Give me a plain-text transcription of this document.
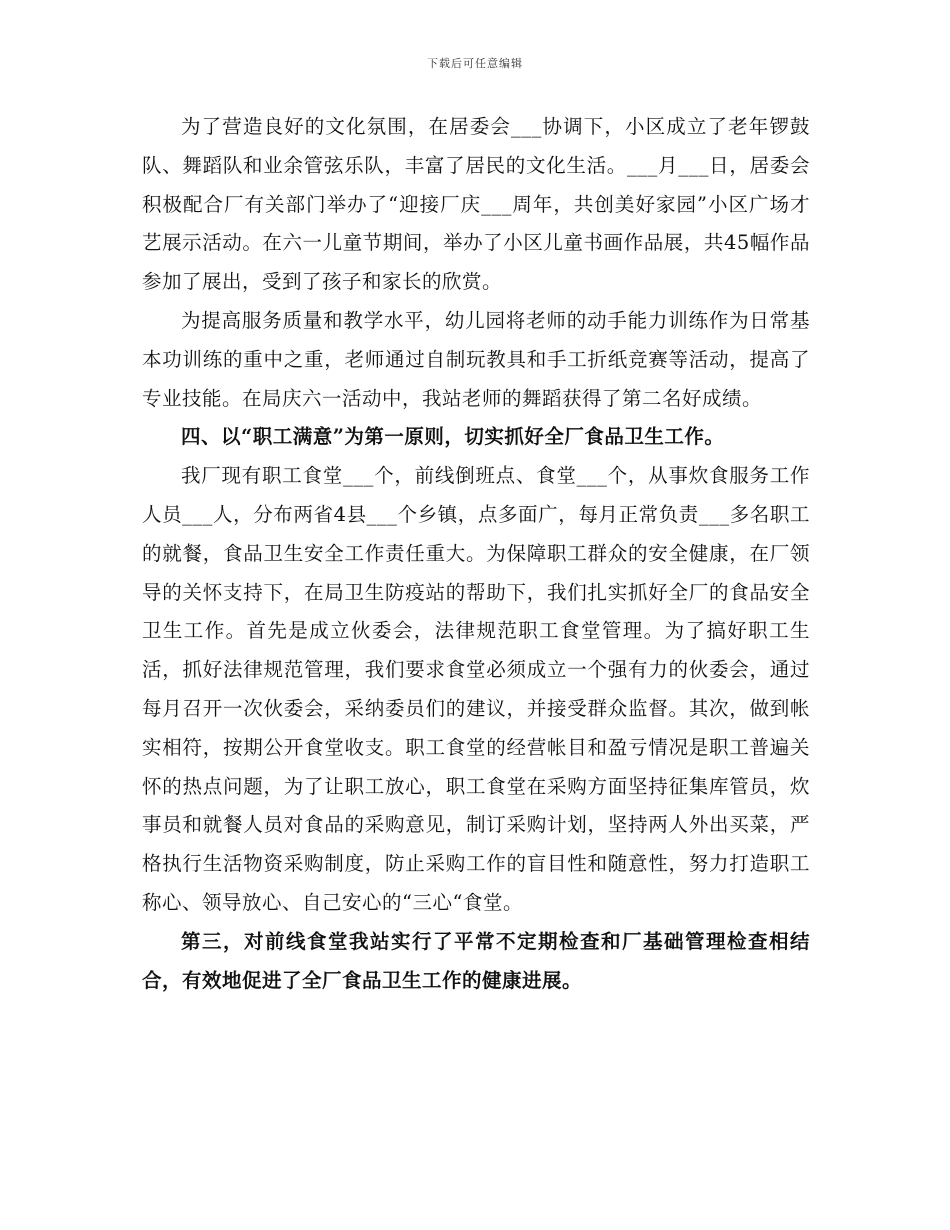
下载后可任意编辑

为了营造良好的文化氛围，在居委会___协调下，小区成立了老年锣鼓队、舞蹈队和业余管弦乐队，丰富了居民的文化生活。___月___日，居委会积极配合厂有关部门举办了“迎接厂庆___周年，共创美好家园”小区广场才艺展示活动。在六一儿童节期间，举办了小区儿童书画作品展，共45幅作品参加了展出，受到了孩子和家长的欣赏。

为提高服务质量和教学水平，幼儿园将老师的动手能力训练作为日常基本功训练的重中之重，老师通过自制玩教具和手工折纸竞赛等活动，提高了专业技能。在局庆六一活动中，我站老师的舞蹈获得了第二名好成绩。

四、以“职工满意”为第一原则，切实抓好全厂食品卫生工作。

我厂现有职工食堂___个，前线倒班点、食堂___个，从事炊食服务工作人员___人，分布两省4县___个乡镇，点多面广，每月正常负责___多名职工的就餐，食品卫生安全工作责任重大。为保障职工群众的安全健康，在厂领导的关怀支持下，在局卫生防疫站的帮助下，我们扎实抓好全厂的食品安全卫生工作。首先是成立伙委会，法律规范职工食堂管理。为了搞好职工生活，抓好法律规范管理，我们要求食堂必须成立一个强有力的伙委会，通过每月召开一次伙委会，采纳委员们的建议，并接受群众监督。其次，做到帐实相符，按期公开食堂收支。职工食堂的经营帐目和盈亏情况是职工普遍关怀的热点问题，为了让职工放心，职工食堂在采购方面坚持征集库管员，炊事员和就餐人员对食品的采购意见，制订采购计划，坚持两人外出买菜，严格执行生活物资采购制度，防止采购工作的盲目性和随意性，努力打造职工称心、领导放心、自己安心的“三心“食堂。

第三，对前线食堂我站实行了平常不定期检查和厂基础管理检查相结合，有效地促进了全厂食品卫生工作的健康进展。
